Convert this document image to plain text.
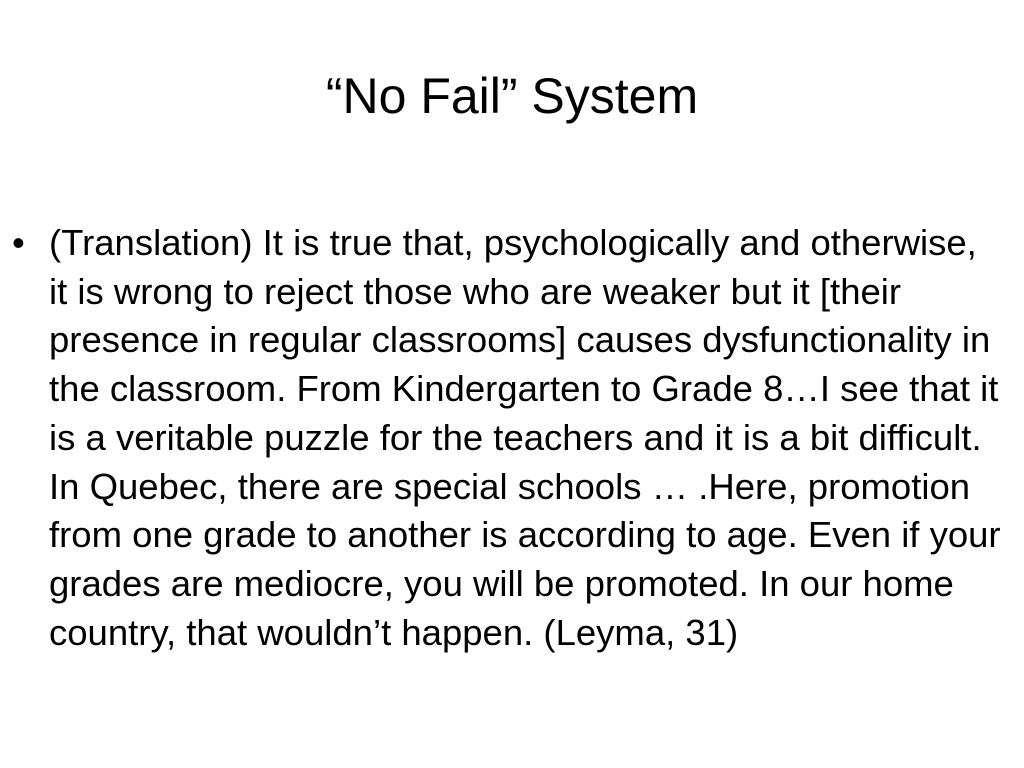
“No Fail” System
• (Translation) It is true that, psychologically and otherwise, it is wrong to reject those who are weaker but it [their presence in regular classrooms] causes dysfunctionality in the classroom. From Kindergarten to Grade 8…I see that it is a veritable puzzle for the teachers and it is a bit difficult. In Quebec, there are special schools … .Here, promotion from one grade to another is according to age. Even if your grades are mediocre, you will be promoted. In our home country, that wouldn’t happen. (Leyma, 31)
